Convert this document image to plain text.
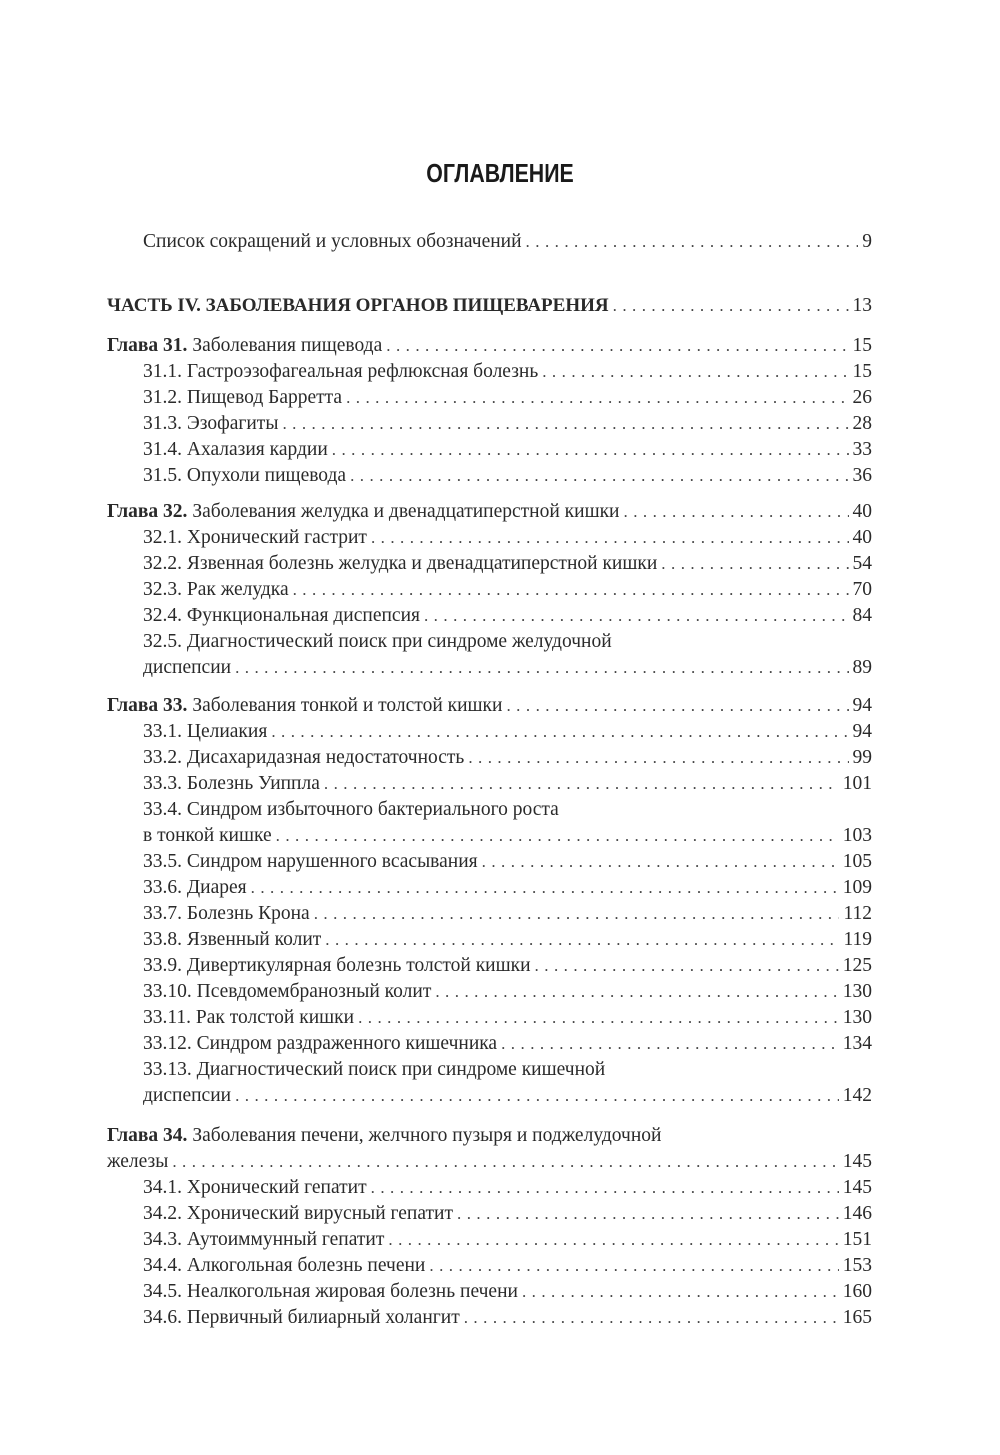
ОГЛАВЛЕНИЕ
Список сокращений и условных обозначений . . .	9
ЧАСТЬ IV. ЗАБОЛЕВАНИЯ ОРГАНОВ ПИЩЕВАРЕНИЯ . . .	13
Глава 31. Заболевания пищевода . . .	15
31.1. Гастроэзофагеальная рефлюксная болезнь . . .	15
31.2. Пищевод Барретта . . .	26
31.3. Эзофагиты . . .	28
31.4. Ахалазия кардии . . .	33
31.5. Опухоли пищевода . . .	36
Глава 32. Заболевания желудка и двенадцатиперстной кишки . . .	40
32.1. Хронический гастрит . . .	40
32.2. Язвенная болезнь желудка и двенадцатиперстной кишки . . .	54
32.3. Рак желудка . . .	70
32.4. Функциональная диспепсия . . .	84
32.5. Диагностический поиск при синдроме желудочной
диспепсии . . .	89
Глава 33. Заболевания тонкой и толстой кишки . . .	94
33.1. Целиакия . . .	94
33.2. Дисахаридазная недостаточность . . .	99
33.3. Болезнь Уиппла . . .	101
33.4. Синдром избыточного бактериального роста
в тонкой кишке . . .	103
33.5. Синдром нарушенного всасывания . . .	105
33.6. Диарея . . .	109
33.7. Болезнь Крона . . .	112
33.8. Язвенный колит . . .	119
33.9. Дивертикулярная болезнь толстой кишки . . .	125
33.10. Псевдомембранозный колит . . .	130
33.11. Рак толстой кишки . . .	130
33.12. Синдром раздраженного кишечника . . .	134
33.13. Диагностический поиск при синдроме кишечной
диспепсии . . .	142
Глава 34. Заболевания печени, желчного пузыря и поджелудочной
железы . . .	145
34.1. Хронический гепатит . . .	145
34.2. Хронический вирусный гепатит . . .	146
34.3. Аутоиммунный гепатит . . .	151
34.4. Алкогольная болезнь печени . . .	153
34.5. Неалкогольная жировая болезнь печени . . .	160
34.6. Первичный билиарный холангит . . .	165
